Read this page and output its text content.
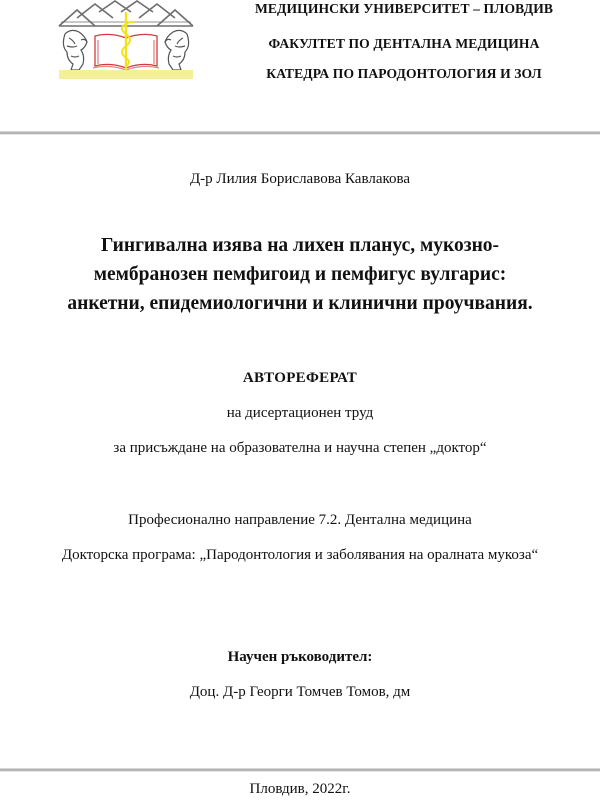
МЕДИЦИНСКИ УНИВЕРСИТЕТ – ПЛОВДИВ
ФАКУЛТЕТ ПО ДЕНТАЛНА МЕДИЦИНА
КАТЕДРА ПО ПАРОДОНТОЛОГИЯ И ЗОЛ
Д-р Лилия Бориславова Кавлакова
Гингивална изява на лихен планус, мукозно-
мембранозен пемфигоид и пемфигус вулгарис:
анкетни, епидемиологични и клинични проучвания.
АВТОРЕФЕРАТ
на дисертационен труд
за присъждане на образователна и научна степен „доктор“
Професионално направление 7.2. Дентална медицина
Докторска програма: „Пародонтология и заболявания на оралната мукоза“
Научен ръководител:
Доц. Д-р Георги Томчев Томов, дм
Пловдив, 2022г.
